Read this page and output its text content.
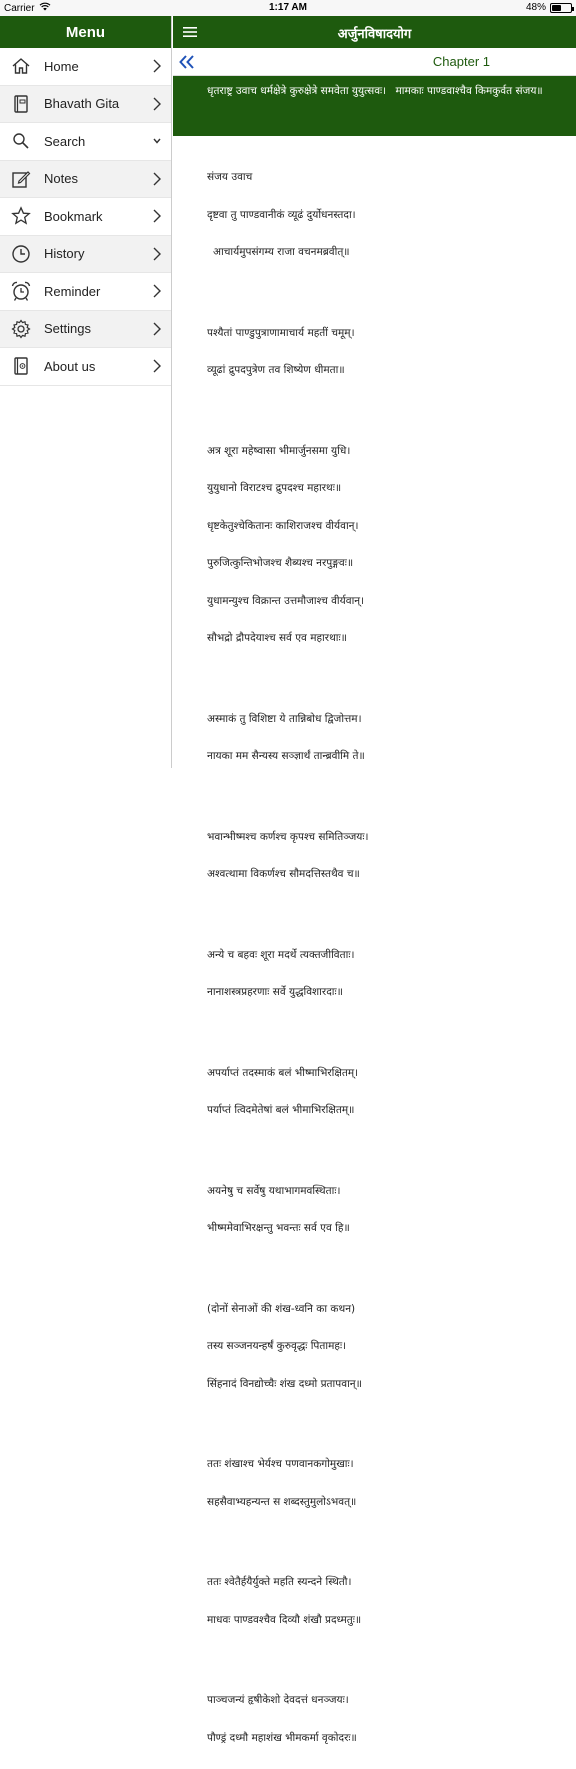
Carrier	1:17 AM	48%
Menu
Home
Bhavath Gita
Search
Notes
Bookmark
History
Reminder
Settings
About us
अर्जुनविषादयोग
Chapter 1
धृतराष्ट्र उवाच धर्मक्षेत्रे कुरुक्षेत्रे समवेता युयुत्सवः। मामकाः पाण्डवाश्चैव किमकुर्वत संजय॥

संजय उवाच

दृष्टवा तु पाण्डवानीकं व्यूढं दुर्योधनस्तदा।

आचार्यमुपसंगम्य राजा वचनमब्रवीत्॥

पश्यैतां पाण्डुपुत्राणामाचार्य महतीं चमूम्।

व्यूढां द्रुपदपुत्रेण तव शिष्येण धीमता॥

अत्र शूरा महेष्वासा भीमार्जुनसमा युधि।

युयुधानो विराटश्च द्रुपदश्च महारथः॥

धृष्टकेतुश्चेकितानः काशिराजश्च वीर्यवान्।

पुरुजित्कुन्तिभोजश्च शैब्यश्च नरपुङ्गवः॥

युधामन्युश्च विक्रान्त उत्तमौजाश्च वीर्यवान्।

सौभद्रो द्रौपदेयाश्च सर्व एव महारथाः॥

अस्माकं तु विशिष्टा ये तान्निबोध द्विजोत्तम।

नायका मम सैन्यस्य सञ्ज्ञार्थं तान्ब्रवीमि ते॥

भवान्भीष्मश्च कर्णश्च कृपश्च समितिञ्जयः।

अश्वत्थामा विकर्णश्च सौमदत्तिस्तथैव च॥

अन्ये च बहवः शूरा मदर्थे त्यक्तजीविताः।

नानाशस्त्रप्रहरणाः सर्वे युद्धविशारदाः॥

अपर्याप्तं तदस्माकं बलं भीष्माभिरक्षितम्।

पर्याप्तं त्विदमेतेषां बलं भीमाभिरक्षितम्॥

अयनेषु च सर्वेषु यथाभागमवस्थिताः।

भीष्ममेवाभिरक्षन्तु भवन्तः सर्व एव हि॥

(दोनों सेनाओं की शंख-ध्वनि का कथन)

तस्य सञ्जनयन्हर्षं कुरुवृद्धः पितामहः।

सिंहनादं विनद्योच्चैः शंख दध्मो प्रतापवान्॥

ततः शंखाश्च भेर्यश्च पणवानकगोमुखाः।

सहसैवाभ्यहन्यन्त स शब्दस्तुमुलोऽभवत्॥

ततः श्वेतैर्हयैर्युक्ते महति स्यन्दने स्थितौ।

माधवः पाण्डवश्चैव दिव्यौ शंखौ प्रदध्मतुः॥

पाञ्चजन्यं हृषीकेशो देवदत्तं धनञ्जयः।

पौण्ड्रं दध्मौ महाशंख भीमकर्मा वृकोदरः॥
